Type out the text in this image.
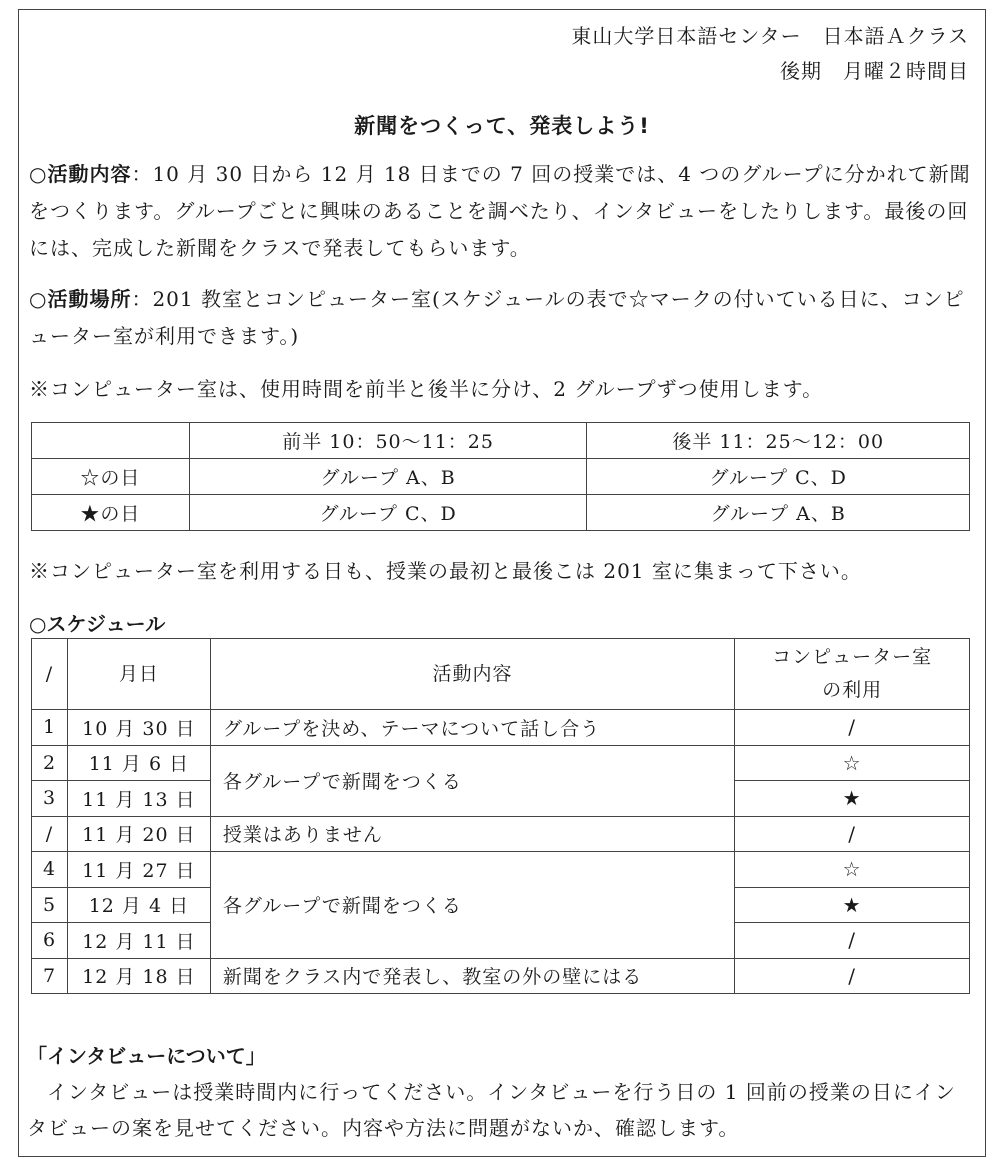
東山大学日本語センター　日本語Ａクラス
後期　月曜２時間目
新聞をつくって、発表しよう!
○活動内容：10 月 30 日から 12 月 18 日までの 7 回の授業では、4 つのグループに分かれて新聞をつくります。グループごとに興味のあることを調べたり、インタビューをしたりします。最後の回には、完成した新聞をクラスで発表してもらいます。
○活動場所：201 教室とコンピューター室(スケジュールの表で☆マークの付いている日に、コンピューター室が利用できます。)
※コンピューター室は、使用時間を前半と後半に分け、2 グループずつ使用します。
	前半 10：50〜11：25	後半 11：25〜12：00
☆の日	グループ A、B	グループ C、D
★の日	グループ C、D	グループ A、B
※コンピューター室を利用する日も、授業の最初と最後こは 201 室に集まって下さい。
○スケジュール
/	月日	活動内容	コンピューター室
の利用

1	10 月 30 日	グループを決め、テーマについて話し合う	/
2	11 月 6 日	各グループで新聞をつくる	☆
3	11 月 13 日		★
/	11 月 20 日	授業はありません	/
4	11 月 27 日	各グループで新聞をつくる	☆
5	12 月 4 日		★
6	12 月 11 日		/
7	12 月 18 日	新聞をクラス内で発表し、教室の外の壁にはる	/
「インタビューについて」
インタビューは授業時間内に行ってください。インタビューを行う日の 1 回前の授業の日にインタビューの案を見せてください。内容や方法に問題がないか、確認します。
